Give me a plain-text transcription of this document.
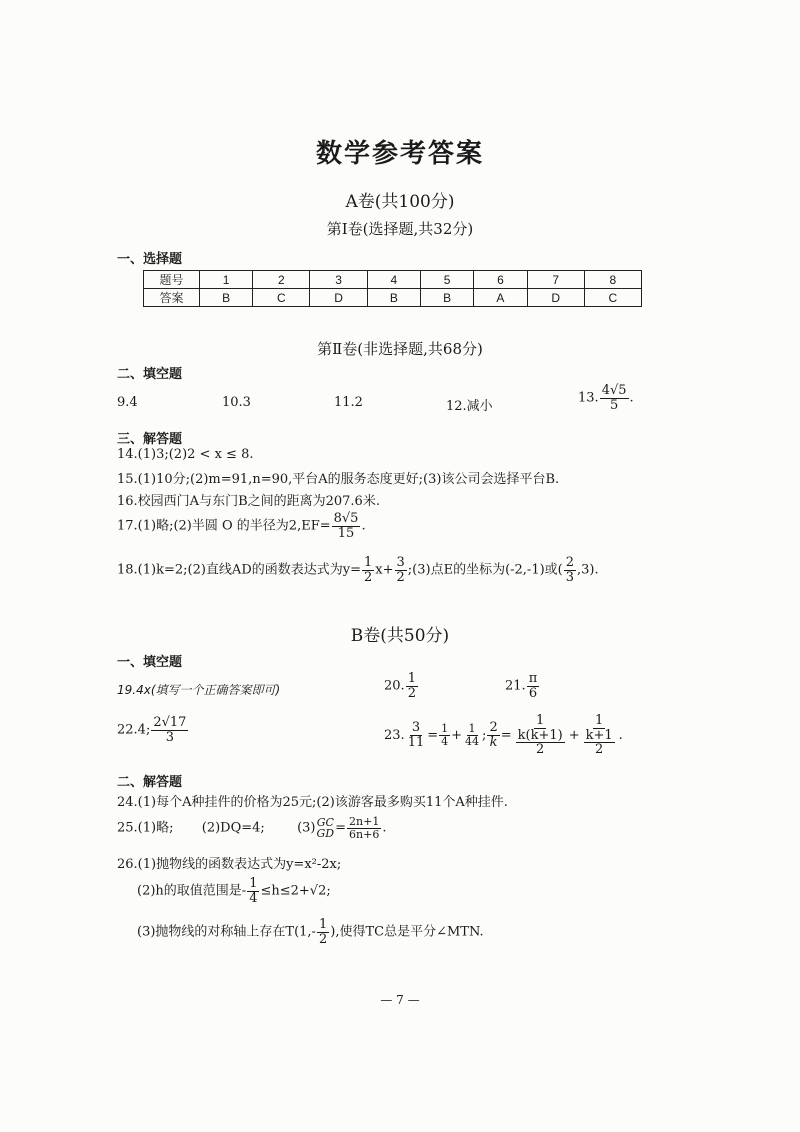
数学参考答案
A卷(共100分)
第Ⅰ卷(选择题,共32分)
一、选择题
题号	1	2	3	4	5	6	7	8
答案	B	C	D	B	B	A	D	C
第Ⅱ卷(非选择题,共68分)
二、填空题
9.4	10.3	11.2	12.减小
13. $\frac{4√5}{5}$ .
三、解答题
14.(1)3;(2)2 < x ≤ 8.
15.(1)10分;(2)m=91,n=90,平台A的服务态度更好;(3)该公司会选择平台B.
16.校园西门A与东门B之间的距离为207.6米.
17.(1)略;(2)半圆 O 的半径为$2,EF= \frac{8√5}{15}$ .
18.(1)k=2;(2)直线AD的函数表达式为$y= \frac{1}{2} x+ \frac{3}{2}$ ;(3)点E的坐标为(-2,-1)或( $\frac{2}{3} ,3$).
B卷(共50分)
一、填空题
19.4x(填写一个正确答案即可)	20. $\frac{1}{2}$	21. $\frac{\pi}{6}$
22.4; $\frac{2√17}{3}$	23. $\frac{3}{11} = \frac{1}{4} + \frac{1}{44}$ ; $\frac{2}{k} = \frac{1}{\frac{k(k+1)}{2}} + \frac{1}{\frac{k+1}{2}}$ .
二、解答题
24.(1)每个A种挂件的价格为25元;(2)该游客最多购买11个A种挂件.
25.(1)略; (2)DQ=4; (3) GC
GD = $\frac{2n+1}{6n+6}$ .
26.(1)抛物线的函数表达式为y=x²-2x;
(2)h的取值范围是- $\frac{1}{4} \le h\le 2+√2$;
(3)抛物线的对称轴上存在$T(1,- \frac{1}{2}$ ),使得TC总是平分∠MTN.
— 7 —
